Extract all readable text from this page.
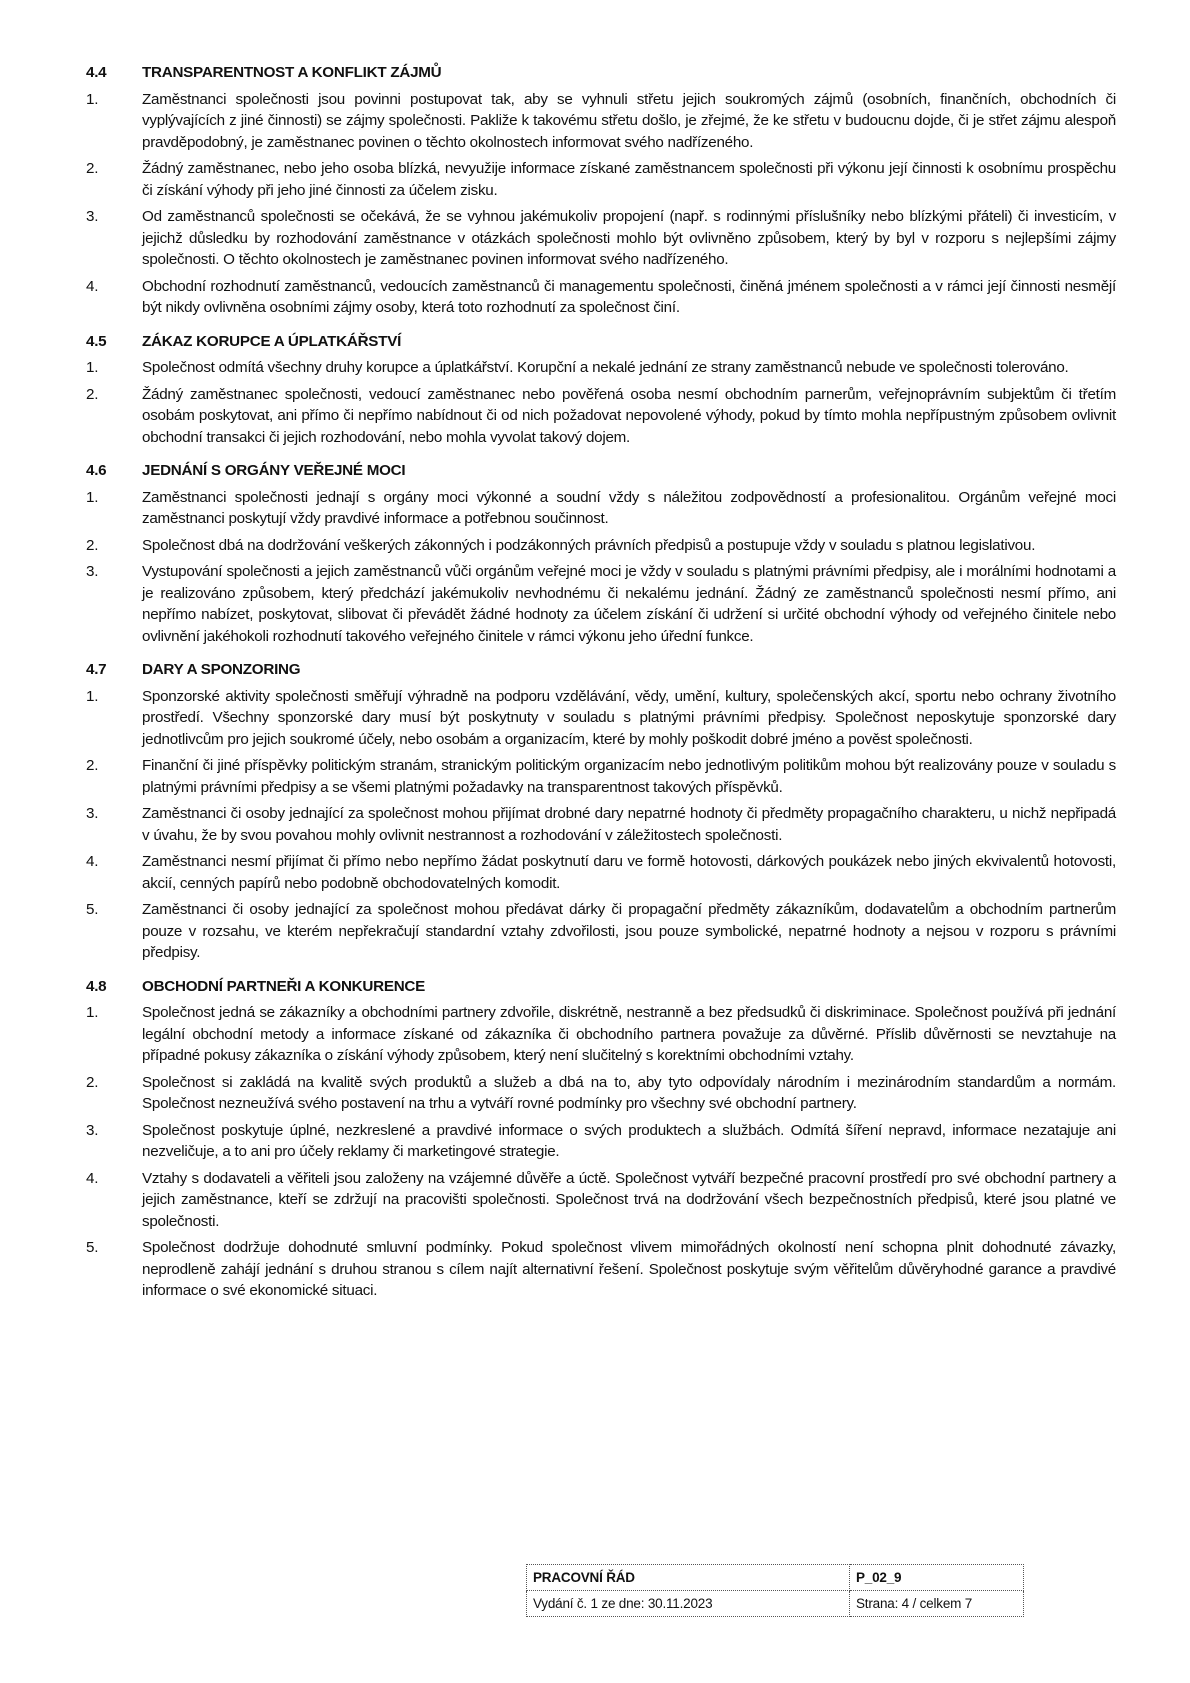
4.4	TRANSPARENTNOST A KONFLIKT ZÁJMŮ
1.	Zaměstnanci společnosti jsou povinni postupovat tak, aby se vyhnuli střetu jejich soukromých zájmů (osobních, finančních, obchodních či vyplývajících z jiné činnosti) se zájmy společnosti. Pakliže k takovému střetu došlo, je zřejmé, že ke střetu v budoucnu dojde, či je střet zájmu alespoň pravděpodobný, je zaměstnanec povinen o těchto okolnostech informovat svého nadřízeného.
2.	Žádný zaměstnanec, nebo jeho osoba blízká, nevyužije informace získané zaměstnancem společnosti při výkonu její činnosti k osobnímu prospěchu či získání výhody při jeho jiné činnosti za účelem zisku.
3.	Od zaměstnanců společnosti se očekává, že se vyhnou jakémukoliv propojení (např. s rodinnými příslušníky nebo blízkými přáteli) či investicím, v jejichž důsledku by rozhodování zaměstnance v otázkách společnosti mohlo být ovlivněno způsobem, který by byl v rozporu s nejlepšími zájmy společnosti. O těchto okolnostech je zaměstnanec povinen informovat svého nadřízeného.
4.	Obchodní rozhodnutí zaměstnanců, vedoucích zaměstnanců či managementu společnosti, činěná jménem společnosti a v rámci její činnosti nesmějí být nikdy ovlivněna osobními zájmy osoby, která toto rozhodnutí za společnost činí.
4.5	ZÁKAZ KORUPCE A ÚPLATKÁŘSTVÍ
1.	Společnost odmítá všechny druhy korupce a úplatkářství. Korupční a nekalé jednání ze strany zaměstnanců nebude ve společnosti tolerováno.
2.	Žádný zaměstnanec společnosti, vedoucí zaměstnanec nebo pověřená osoba nesmí obchodním parnerům, veřejnoprávním subjektům či třetím osobám poskytovat, ani přímo či nepřímo nabídnout či od nich požadovat nepovolené výhody, pokud by tímto mohla nepřípustným způsobem ovlivnit obchodní transakci či jejich rozhodování, nebo mohla vyvolat takový dojem.
4.6	JEDNÁNÍ S ORGÁNY VEŘEJNÉ MOCI
1.	Zaměstnanci společnosti jednají s orgány moci výkonné a soudní vždy s náležitou zodpovědností a profesionalitou. Orgánům veřejné moci zaměstnanci poskytují vždy pravdivé informace a potřebnou součinnost.
2.	Společnost dbá na dodržování veškerých zákonných i podzákonných právních předpisů a postupuje vždy v souladu s platnou legislativou.
3.	Vystupování společnosti a jejich zaměstnanců vůči orgánům veřejné moci je vždy v souladu s platnými právními předpisy, ale i morálními hodnotami a je realizováno způsobem, který předchází jakémukoliv nevhodnému či nekalému jednání. Žádný ze zaměstnanců společnosti nesmí přímo, ani nepřímo nabízet, poskytovat, slibovat či převádět žádné hodnoty za účelem získání či udržení si určité obchodní výhody od veřejného činitele nebo ovlivnění jakéhokoli rozhodnutí takového veřejného činitele v rámci výkonu jeho úřední funkce.
4.7	DARY A SPONZORING
1.	Sponzorské aktivity společnosti směřují výhradně na podporu vzdělávání, vědy, umění, kultury, společenských akcí, sportu nebo ochrany životního prostředí. Všechny sponzorské dary musí být poskytnuty v souladu s platnými právními předpisy. Společnost neposkytuje sponzorské dary jednotlivcům pro jejich soukromé účely, nebo osobám a organizacím, které by mohly poškodit dobré jméno a pověst společnosti.
2.	Finanční či jiné příspěvky politickým stranám, stranickým politickým organizacím nebo jednotlivým politikům mohou být realizovány pouze v souladu s platnými právními předpisy a se všemi platnými požadavky na transparentnost takových příspěvků.
3.	Zaměstnanci či osoby jednající za společnost mohou přijímat drobné dary nepatrné hodnoty či předměty propagačního charakteru, u nichž nepřipadá v úvahu, že by svou povahou mohly ovlivnit nestrannost a rozhodování v záležitostech společnosti.
4.	Zaměstnanci nesmí přijímat či přímo nebo nepřímo žádat poskytnutí daru ve formě hotovosti, dárkových poukázek nebo jiných ekvivalentů hotovosti, akcií, cenných papírů nebo podobně obchodovatelných komodit.
5.	Zaměstnanci či osoby jednající za společnost mohou předávat dárky či propagační předměty zákazníkům, dodavatelům a obchodním partnerům pouze v rozsahu, ve kterém nepřekračují standardní vztahy zdvořilosti, jsou pouze symbolické, nepatrné hodnoty a nejsou v rozporu s právními předpisy.
4.8	OBCHODNÍ PARTNEŘI A KONKURENCE
1.	Společnost jedná se zákazníky a obchodními partnery zdvořile, diskrétně, nestranně a bez předsudků či diskriminace. Společnost používá při jednání legální obchodní metody a informace získané od zákazníka či obchodního partnera považuje za důvěrné. Příslib důvěrnosti se nevztahuje na případné pokusy zákazníka o získání výhody způsobem, který není slučitelný s korektními obchodními vztahy.
2.	Společnost si zakládá na kvalitě svých produktů a služeb a dbá na to, aby tyto odpovídaly národním i mezinárodním standardům a normám. Společnost nezneužívá svého postavení na trhu a vytváří rovné podmínky pro všechny své obchodní partnery.
3.	Společnost poskytuje úplné, nezkreslené a pravdivé informace o svých produktech a službách. Odmítá šíření nepravd, informace nezatajuje ani nezveličuje, a to ani pro účely reklamy či marketingové strategie.
4.	Vztahy s dodavateli a věřiteli jsou založeny na vzájemné důvěře a úctě. Společnost vytváří bezpečné pracovní prostředí pro své obchodní partnery a jejich zaměstnance, kteří se zdržují na pracovišti společnosti. Společnost trvá na dodržování všech bezpečnostních předpisů, které jsou platné ve společnosti.
5.	Společnost dodržuje dohodnuté smluvní podmínky. Pokud společnost vlivem mimořádných okolností není schopna plnit dohodnuté závazky, neprodleně zahájí jednání s druhou stranou s cílem najít alternativní řešení. Společnost poskytuje svým věřitelům důvěryhodné garance a pravdivé informace o své ekonomické situaci.
PRACOVNÍ ŘÁD	P_02_9
Vydání č. 1 ze dne: 30.11.2023	Strana: 4 / celkem 7
